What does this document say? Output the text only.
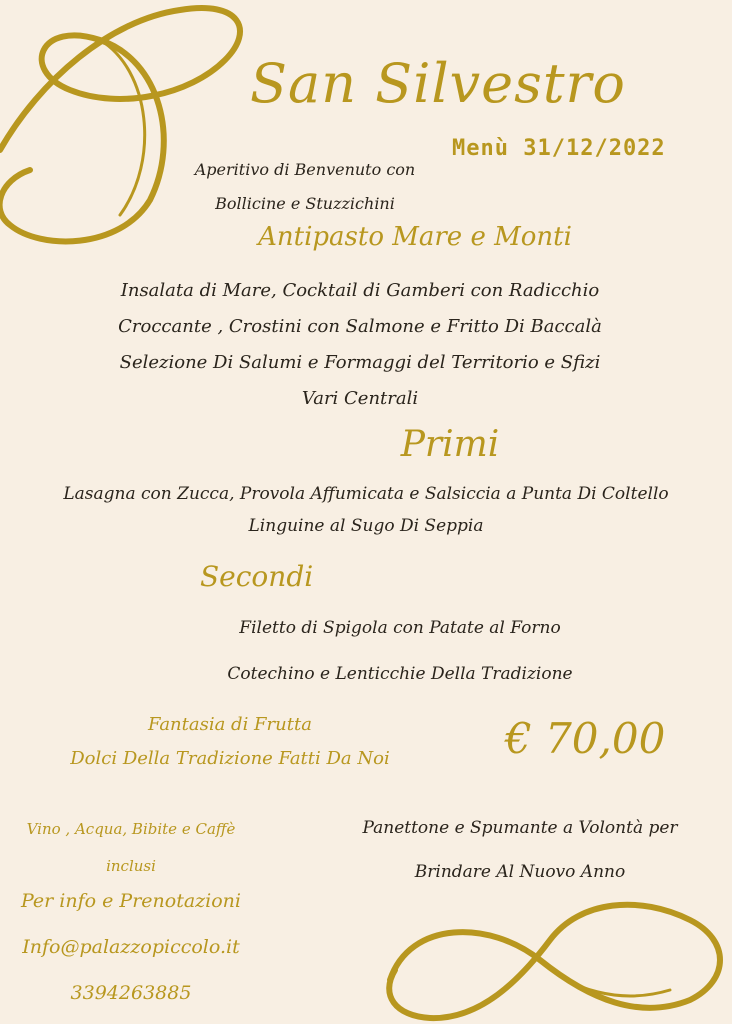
San Silvestro
Menù 31/12/2022
Aperitivo di Benvenuto con
Bollicine e Stuzzichini
Antipasto Mare e Monti
Insalata di Mare, Cocktail di Gamberi con Radicchio
Croccante , Crostini con Salmone e Fritto Di Baccalà
Selezione Di Salumi e Formaggi del Territorio e Sfizi
Vari Centrali
Primi
Lasagna con Zucca, Provola Affumicata e Salsiccia a Punta Di Coltello
Linguine al Sugo Di Seppia
Secondi
Filetto di Spigola con Patate al Forno
Cotechino e Lenticchie Della Tradizione
Fantasia di Frutta
Dolci Della Tradizione Fatti Da Noi	€ 70,00
Vino , Acqua, Bibite e Caffè
inclusi
Per info e Prenotazioni
Info@palazzopiccolo.it
3394263885
Panettone e Spumante a Volontà per
Brindare Al Nuovo Anno
